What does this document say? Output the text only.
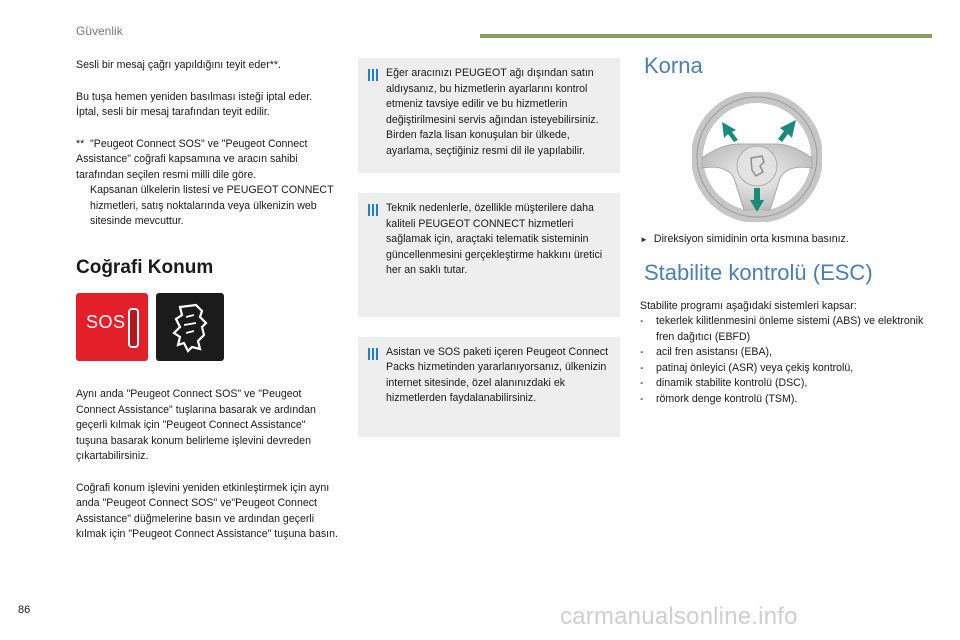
Güvenlik

Sesli bir mesaj çağrı yapıldığını teyit eder**.

Bu tuşa hemen yeniden basılması isteği iptal eder.
İptal, sesli bir mesaj tarafından teyit edilir.

** "Peugeot Connect SOS" ve "Peugeot Connect Assistance" coğrafi kapsamına ve aracın sahibi tarafından seçilen resmi milli dile göre.
Kapsanan ülkelerin listesi ve PEUGEOT CONNECT hizmetleri, satış noktalarında veya ülkenizin web sitesinde mevcuttur.
Coğrafi Konum
SOS

Aynı anda "Peugeot Connect SOS" ve "Peugeot Connect Assistance" tuşlarına basarak ve ardından geçerli kılmak için "Peugeot Connect Assistance" tuşuna basarak konum belirleme işlevini devreden çıkartabilirsiniz.

Coğrafi konum işlevini yeniden etkinleştirmek için aynı anda "Peugeot Connect SOS" ve"Peugeot Connect Assistance" düğmelerine basın ve ardından geçerli kılmak için "Peugeot Connect Assistance" tuşuna basın.

Eğer aracınızı PEUGEOT ağı dışından satın aldıysanız, bu hizmetlerin ayarlarını kontrol etmeniz tavsiye edilir ve bu hizmetlerin değiştirilmesini servis ağından isteyebilirsiniz. Birden fazla lisan konuşulan bir ülkede, ayarlama, seçtiğiniz resmi dil ile yapılabilir.
Teknik nedenlerle, özellikle müşterilere daha kaliteli PEUGEOT CONNECT hizmetleri sağlamak için, araçtaki telematik sisteminin güncellenmesini gerçekleştirme hakkını üretici her an saklı tutar.
Asistan ve SOS paketi içeren Peugeot Connect Packs hizmetinden yararlanıyorsanız, ülkenizin internet sitesinde, özel alanınızdaki ek hizmetlerden faydalanabilirsiniz.
Korna
► Direksiyon simidinin orta kısmına basınız.
Stabilite kontrolü (ESC)
Stabilite programı aşağıdaki sistemleri kapsar:
- tekerlek kilitlenmesini önleme sistemi (ABS) ve elektronik fren dağıtıcı (EBFD)
- acil fren asistansı (EBA),
- patinaj önleyici (ASR) veya çekiş kontrolü,
- dinamik stabilite kontrolü (DSC),
- römork denge kontrolü (TSM).
86	carmanualsonline.info
